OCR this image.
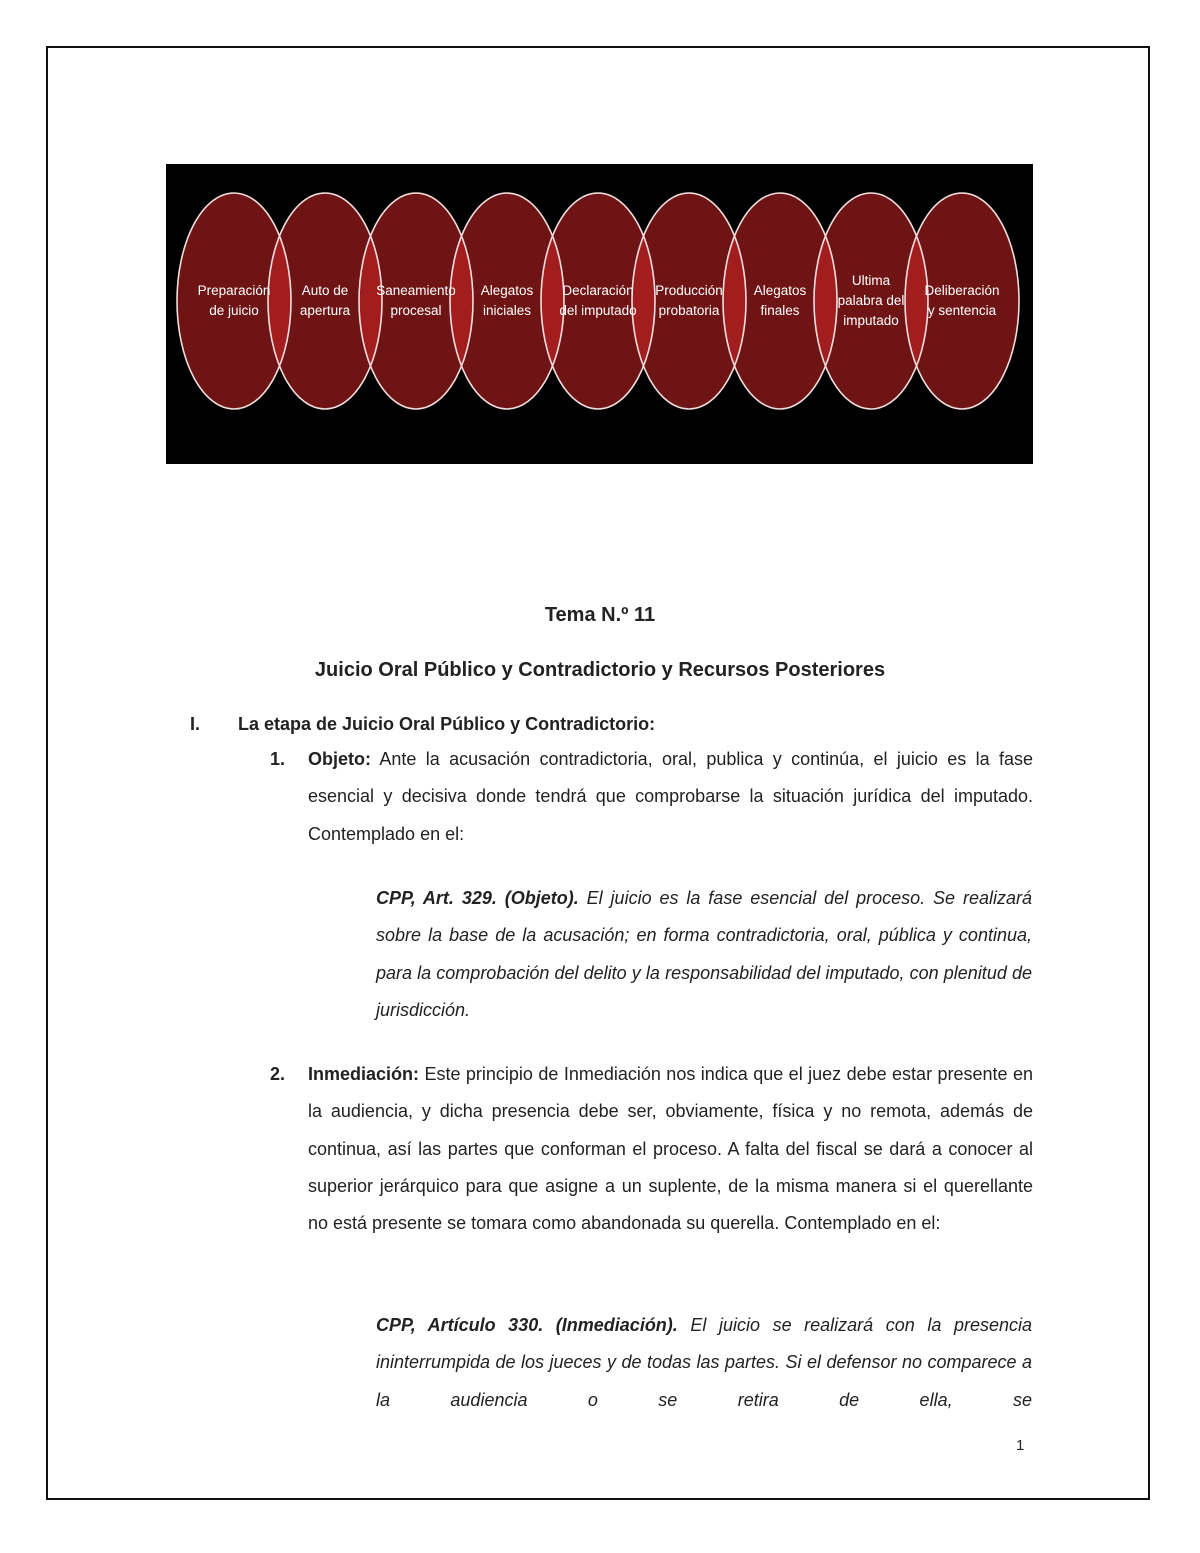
Preparación
de juicio
Auto de
apertura
Saneamiento
procesal
Alegatos
iniciales
Declaración
del imputado
Producción
probatoria
Alegatos
finales
Ultima
palabra del
imputado
Deliberación
y sentencia
Tema N.º 11
Juicio Oral Público y Contradictorio y Recursos Posteriores
I. La etapa de Juicio Oral Público y Contradictorio:
1. Objeto: Ante la acusación contradictoria, oral, publica y continúa, el juicio es la fase esencial y decisiva donde tendrá que comprobarse la situación jurídica del imputado. Contemplado en el:
CPP, Art. 329. (Objeto). El juicio es la fase esencial del proceso. Se realizará sobre la base de la acusación; en forma contradictoria, oral, pública y continua, para la comprobación del delito y la responsabilidad del imputado, con plenitud de jurisdicción.
2. Inmediación: Este principio de Inmediación nos indica que el juez debe estar presente en la audiencia, y dicha presencia debe ser, obviamente, física y no remota, además de continua, así las partes que conforman el proceso. A falta del fiscal se dará a conocer al superior jerárquico para que asigne a un suplente, de la misma manera si el querellante no está presente se tomara como abandonada su querella. Contemplado en el:
CPP, Artículo 330. (Inmediación). El juicio se realizará con la presencia ininterrumpida de los jueces y de todas las partes. Si el defensor no comparece a la audiencia o se retira de ella, se
1
